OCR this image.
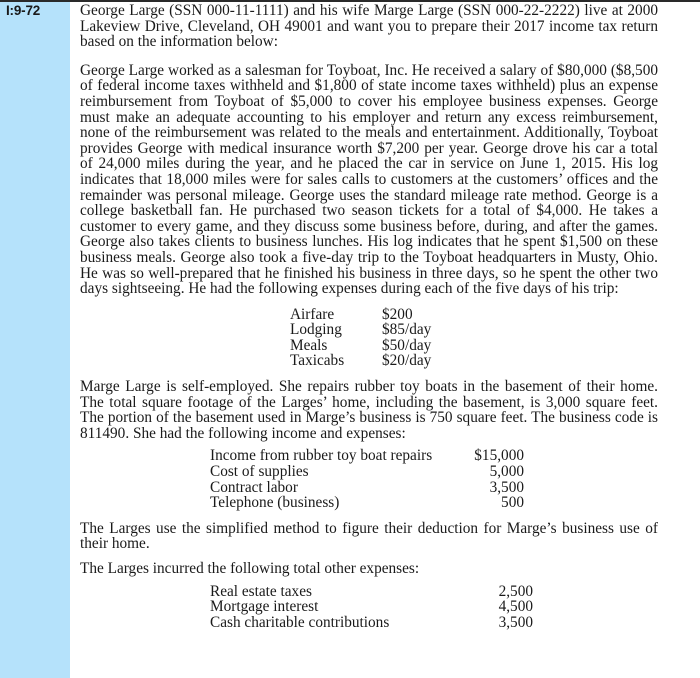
I:9-72	George Large (SSN 000-11-1111) and his wife Marge Large (SSN 000-22-2222) live at 2000 Lakeview Drive, Cleveland, OH 49001 and want you to prepare their 2017 income tax return based on the information below:

George Large worked as a salesman for Toyboat, Inc. He received a salary of $80,000 ($8,500 of federal income taxes withheld and $1,800 of state income taxes withheld) plus an expense reimbursement from Toyboat of $5,000 to cover his employee business expenses. George must make an adequate accounting to his employer and return any excess reimbursement, none of the reimbursement was related to the meals and entertainment. Additionally, Toyboat provides George with medical insurance worth $7,200 per year. George drove his car a total of 24,000 miles during the year, and he placed the car in service on June 1, 2015. His log indicates that 18,000 miles were for sales calls to customers at the customers’ offices and the remainder was personal mileage. George uses the standard mileage rate method. George is a college basketball fan. He purchased two season tickets for a total of $4,000. He takes a customer to every game, and they discuss some business before, during, and after the games. George also takes clients to business lunches. His log indicates that he spent $1,500 on these business meals. George also took a five-day trip to the Toyboat headquarters in Musty, Ohio. He was so well-prepared that he finished his business in three days, so he spent the other two days sightseeing. He had the following expenses during each of the five days of his trip:

Airfare	$200
Lodging	$85/day
Meals	$50/day
Taxicabs	$20/day

Marge Large is self-employed. She repairs rubber toy boats in the basement of their home. The total square footage of the Larges’ home, including the basement, is 3,000 square feet. The portion of the basement used in Marge’s business is 750 square feet. The business code is 811490. She had the following income and expenses:

Income from rubber toy boat repairs	$15,000
Cost of supplies	5,000
Contract labor	3,500
Telephone (business)	500

The Larges use the simplified method to figure their deduction for Marge’s business use of their home.

The Larges incurred the following total other expenses:

Real estate taxes	2,500
Mortgage interest	4,500
Cash charitable contributions	3,500
